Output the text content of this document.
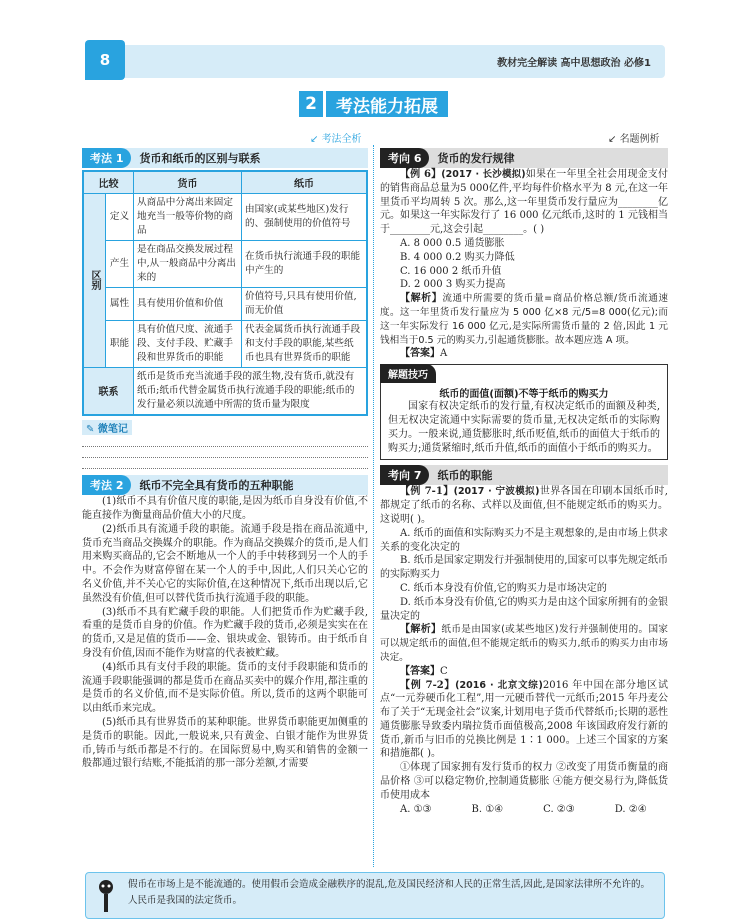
教材完全解读 高中思想政治 必修1
8
2	考法能力拓展
↙ 考法全析	↙ 名题例析
考法 1	货币和纸币的区别与联系
比较		货币	纸币
区别	定义	从商品中分离出来固定地充当一般等价物的商品	由国家(或某些地区)发行的、强制使用的价值符号
	产生	是在商品交换发展过程中,从一般商品中分离出来的	在货币执行流通手段的职能中产生的
	属性	具有使用价值和价值	价值符号,只具有使用价值,而无价值
	职能	具有价值尺度、流通手段、支付手段、贮藏手段和世界货币的职能	代表金属货币执行流通手段和支付手段的职能,某些纸币也具有世界货币的职能
联系		纸币是货币充当流通手段的派生物,没有货币,就没有纸币;纸币代替金属货币执行流通手段的职能;纸币的发行量必须以流通中所需的货币量为限度	
✎ 微笔记
考法 2	纸币不完全具有货币的五种职能

(1)纸币不具有价值尺度的职能,是因为纸币自身没有价值,不能直接作为衡量商品价值大小的尺度。

(2)纸币具有流通手段的职能。流通手段是指在商品流通中,货币充当商品交换媒介的职能。作为商品交换媒介的货币,是人们用来购买商品的,它会不断地从一个人的手中转移到另一个人的手中。不会作为财富停留在某一个人的手中,因此,人们只关心它的名义价值,并不关心它的实际价值,在这种情况下,纸币出现以后,它虽然没有价值,但可以替代货币执行流通手段的职能。

(3)纸币不具有贮藏手段的职能。人们把货币作为贮藏手段,看重的是货币自身的价值。作为贮藏手段的货币,必须是实实在在的货币,又是足值的货币——金、银块或金、银铸币。由于纸币自身没有价值,因而不能作为财富的代表被贮藏。

(4)纸币具有支付手段的职能。货币的支付手段职能和货币的流通手段职能强调的都是货币在商品买卖中的媒介作用,都注重的是货币的名义价值,而不是实际价值。所以,货币的这两个职能可以由纸币来完成。

(5)纸币具有世界货币的某种职能。世界货币职能更加侧重的是货币的职能。因此,一般说来,只有黄金、白银才能作为世界货币,铸币与纸币都是不行的。在国际贸易中,购买和销售的金额一般都通过银行结账,不能抵消的那一部分差额,才需要

考向 6	货币的发行规律

【例 6】(2017 · 长沙模拟)如果在一年里全社会用现金支付的销售商品总量为5 000亿件,平均每件价格水平为 8 元,在这一年里货币平均周转 5 次。那么,这一年里货币发行量应为________亿元。如果这一年实际发行了 16 000 亿元纸币,这时的 1 元钱相当于________元,这会引起________。( )

A. 8 000 0.5 通货膨胀

B. 4 000 0.2 购买力降低

C. 16 000 2 纸币升值

D. 2 000 3 购买力提高

【解析】流通中所需要的货币量=商品价格总额/货币流通速度。这一年里货币发行量应为 5 000 亿×8 元/5=8 000(亿元);而这一年实际发行 16 000 亿元,是实际所需货币量的 2 倍,因此 1 元钱相当于0.5 元的购买力,引起通货膨胀。故本题应选 A 项。

【答案】A

解题技巧

纸币的面值(面额)不等于纸币的购买力

国家有权决定纸币的发行量,有权决定纸币的面额及种类,但无权决定流通中实际需要的货币量,无权决定纸币的实际购买力。一般来说,通货膨胀时,纸币贬值,纸币的面值大于纸币的购买力;通货紧缩时,纸币升值,纸币的面值小于纸币的购买力。

考向 7	纸币的职能

【例 7-1】(2017 · 宁波模拟)世界各国在印刷本国纸币时,都规定了纸币的名称、式样以及面值,但不能规定纸币的购买力。这说明( )。

A. 纸币的面值和实际购买力不是主观想象的,是由市场上供求关系的变化决定的

B. 纸币是国家定期发行并强制使用的,国家可以事先规定纸币的实际购买力

C. 纸币本身没有价值,它的购买力是市场决定的

D. 纸币本身没有价值,它的购买力是由这个国家所拥有的金银量决定的

【解析】纸币是由国家(或某些地区)发行并强制使用的。国家可以规定纸币的面值,但不能规定纸币的购买力,纸币的购买力由市场决定。

【答案】C

【例 7-2】(2016 · 北京文综)2016 年中国在部分地区试点“一元券硬币化工程”,用一元硬币替代一元纸币;2015 年丹麦公布了关于“无现金社会”议案,计划用电子货币代替纸币;长期的恶性通货膨胀导致委内瑞拉货币面值极高,2008 年该国政府发行新的货币,新币与旧币的兑换比例是 1∶1 000。上述三个国家的方案和措施都( )。

①体现了国家拥有发行货币的权力 ②改变了用货币衡量的商品价格 ③可以稳定物价,控制通货膨胀 ④能方便交易行为,降低货币使用成本

A. ①③	B. ①④	C. ②③	D. ②④
假币在市场上是不能流通的。使用假币会造成金融秩序的混乱,危及国民经济和人民的正常生活,因此,是国家法律所不允许的。人民币是我国的法定货币。
